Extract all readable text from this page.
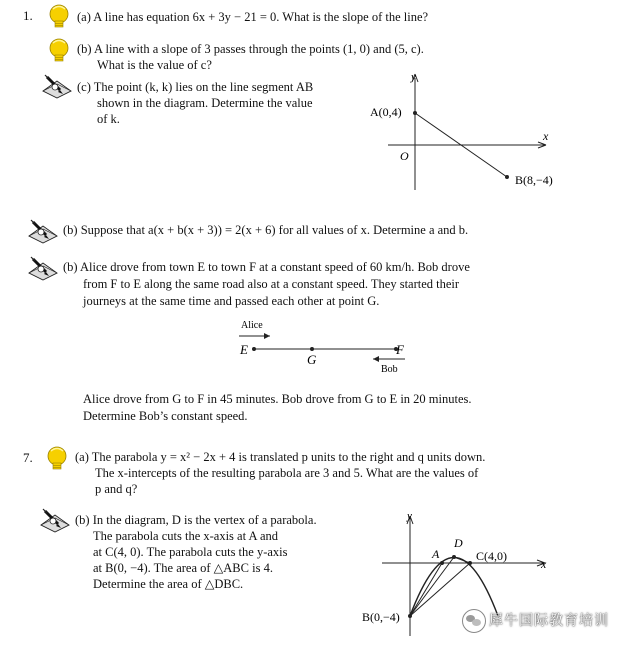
1.	(a) A line has equation 6x + 3y − 21 = 0. What is the slope of the line?
(b) A line with a slope of 3 passes through the points (1, 0) and (5, c).
What is the value of c?
(c) The point (k, k) lies on the line segment AB
shown in the diagram. Determine the value
of k.
y
x
O
A(0,4)
B(8,−4)
(b) Suppose that a(x + b(x + 3)) = 2(x + 6) for all values of x. Determine a and b.
(b) Alice drove from town E to town F at a constant speed of 60 km/h. Bob drove
from F to E along the same road also at a constant speed. They started their
journeys at the same time and passed each other at point G.
Alice
E
G
F
Bob
Alice drove from G to F in 45 minutes. Bob drove from G to E in 20 minutes.
Determine Bob’s constant speed.
7.	(a) The parabola y = x² − 2x + 4 is translated p units to the right and q units down.
The x-intercepts of the resulting parabola are 3 and 5. What are the values of
p and q?
(b) In the diagram, D is the vertex of a parabola.
The parabola cuts the x-axis at A and
at C(4, 0). The parabola cuts the y-axis
at B(0, −4). The area of △ABC is 4.
Determine the area of △DBC.
y
x
A
D
C(4,0)
B(0,−4)	犀牛国际教育培训
